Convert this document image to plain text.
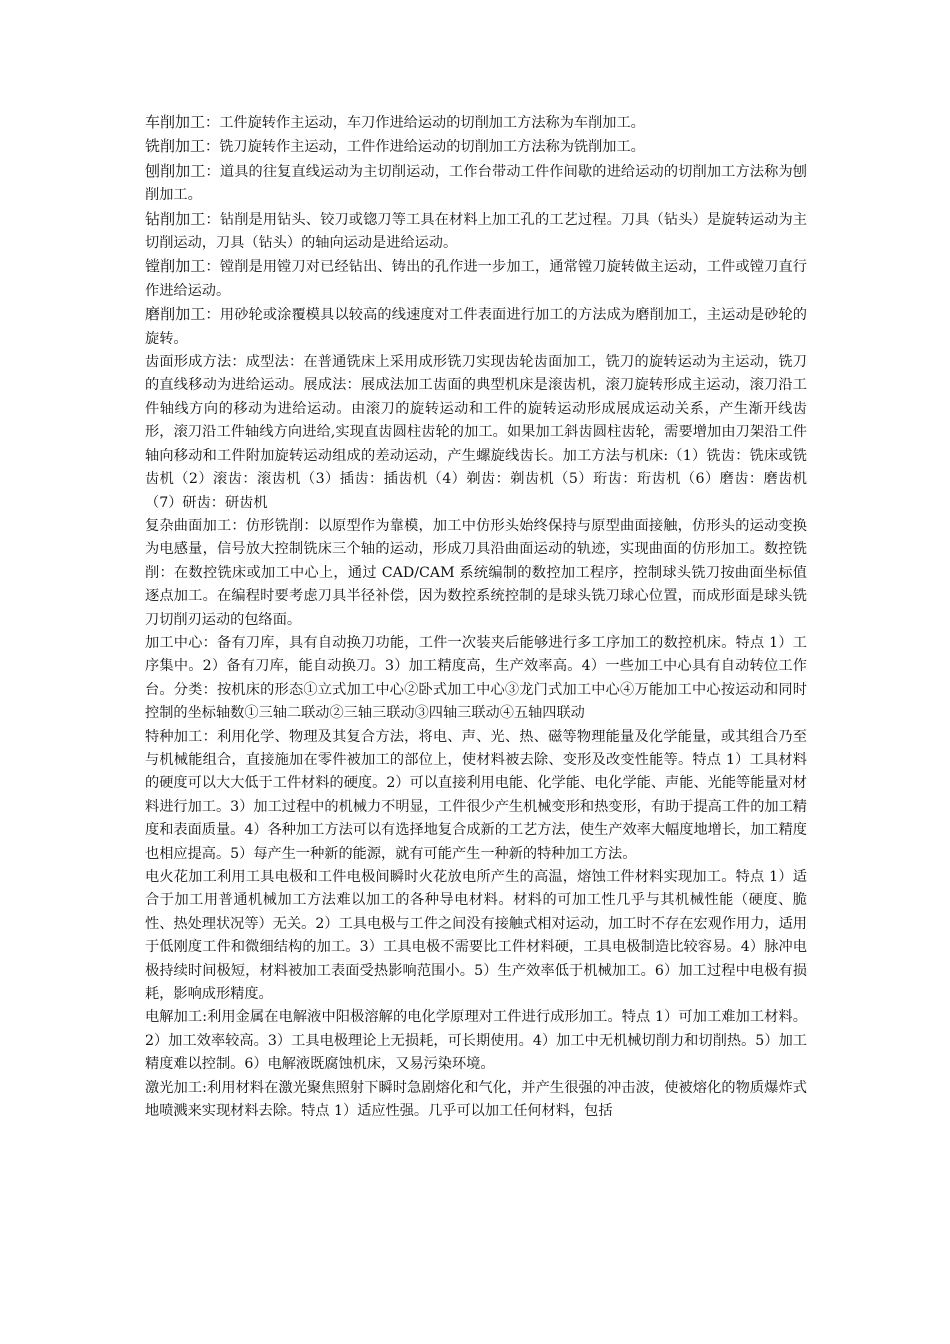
车削加工：工件旋转作主运动，车刀作进给运动的切削加工方法称为车削加工。

铣削加工：铣刀旋转作主运动，工件作进给运动的切削加工方法称为铣削加工。

刨削加工：道具的往复直线运动为主切削运动，工作台带动工件作间歇的进给运动的切削加工方法称为刨削加工。

钻削加工：钻削是用钻头、铰刀或锪刀等工具在材料上加工孔的工艺过程。刀具（钻头）是旋转运动为主切削运动，刀具（钻头）的轴向运动是进给运动。

镗削加工：镗削是用镗刀对已经钻出、铸出的孔作进一步加工，通常镗刀旋转做主运动，工件或镗刀直行作进给运动。

磨削加工：用砂轮或涂覆模具以较高的线速度对工件表面进行加工的方法成为磨削加工，主运动是砂轮的旋转。

齿面形成方法：成型法：在普通铣床上采用成形铣刀实现齿轮齿面加工，铣刀的旋转运动为主运动，铣刀的直线移动为进给运动。展成法：展成法加工齿面的典型机床是滚齿机，滚刀旋转形成主运动，滚刀沿工件轴线方向的移动为进给运动。由滚刀的旋转运动和工件的旋转运动形成展成运动关系，产生渐开线齿形，滚刀沿工件轴线方向进给,实现直齿圆柱齿轮的加工。如果加工斜齿圆柱齿轮，需要增加由刀架沿工件轴向移动和工件附加旋转运动组成的差动运动，产生螺旋线齿长。加工方法与机床:（1）铣齿：铣床或铣齿机（2）滚齿：滚齿机（3）插齿：插齿机（4）剃齿：剃齿机（5）珩齿：珩齿机（6）磨齿：磨齿机（7）研齿：研齿机

复杂曲面加工：仿形铣削：以原型作为靠模，加工中仿形头始终保持与原型曲面接触，仿形头的运动变换为电感量，信号放大控制铣床三个轴的运动，形成刀具沿曲面运动的轨迹，实现曲面的仿形加工。数控铣削：在数控铣床或加工中心上，通过 CAD/CAM 系统编制的数控加工程序，控制球头铣刀按曲面坐标值逐点加工。在编程时要考虑刀具半径补偿，因为数控系统控制的是球头铣刀球心位置，而成形面是球头铣刀切削刃运动的包络面。

加工中心：备有刀库，具有自动换刀功能，工件一次装夹后能够进行多工序加工的数控机床。特点 1）工序集中。2）备有刀库，能自动换刀。3）加工精度高，生产效率高。4）一些加工中心具有自动转位工作台。分类：按机床的形态①立式加工中心②卧式加工中心③龙门式加工中心④万能加工中心按运动和同时控制的坐标轴数①三轴二联动②三轴三联动③四轴三联动④五轴四联动

特种加工：利用化学、物理及其复合方法，将电、声、光、热、磁等物理能量及化学能量，或其组合乃至与机械能组合，直接施加在零件被加工的部位上，使材料被去除、变形及改变性能等。特点 1）工具材料的硬度可以大大低于工件材料的硬度。2）可以直接利用电能、化学能、电化学能、声能、光能等能量对材料进行加工。3）加工过程中的机械力不明显，工件很少产生机械变形和热变形，有助于提高工件的加工精度和表面质量。4）各种加工方法可以有选择地复合成新的工艺方法，使生产效率大幅度地增长，加工精度也相应提高。5）每产生一种新的能源，就有可能产生一种新的特种加工方法。

电火花加工利用工具电极和工件电极间瞬时火花放电所产生的高温，熔蚀工件材料实现加工。特点 1）适合于加工用普通机械加工方法难以加工的各种导电材料。材料的可加工性几乎与其机械性能（硬度、脆性、热处理状况等）无关。2）工具电极与工件之间没有接触式相对运动，加工时不存在宏观作用力，适用于低刚度工件和微细结构的加工。3）工具电极不需要比工件材料硬，工具电极制造比较容易。4）脉冲电极持续时间极短，材料被加工表面受热影响范围小。5）生产效率低于机械加工。6）加工过程中电极有损耗，影响成形精度。

电解加工:利用金属在电解液中阳极溶解的电化学原理对工件进行成形加工。特点 1）可加工难加工材料。2）加工效率较高。3）工具电极理论上无损耗，可长期使用。4）加工中无机械切削力和切削热。5）加工精度难以控制。6）电解液既腐蚀机床，又易污染环境。

激光加工:利用材料在激光聚焦照射下瞬时急剧熔化和气化，并产生很强的冲击波，使被熔化的物质爆炸式地喷溅来实现材料去除。特点 1）适应性强。几乎可以加工任何材料，包括
